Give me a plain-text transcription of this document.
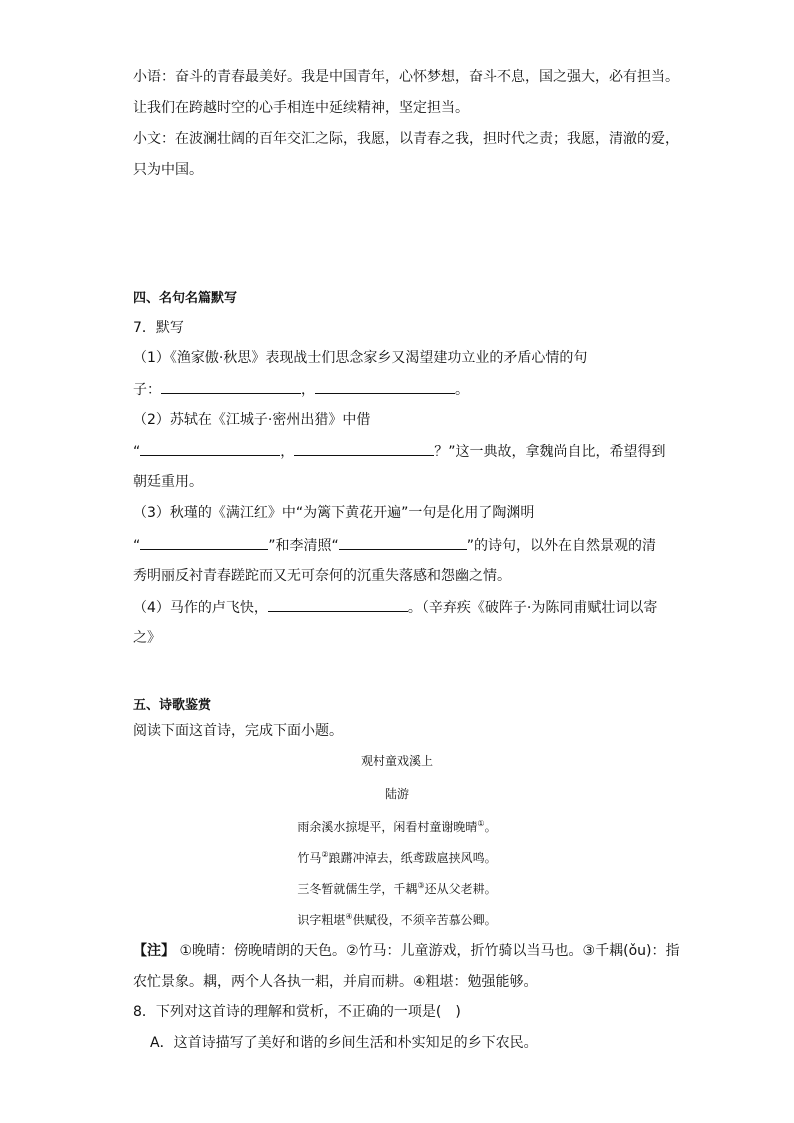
小语：奋斗的青春最美好。我是中国青年，心怀梦想，奋斗不息，国之强大，必有担当。
让我们在跨越时空的心手相连中延续精神，坚定担当。
小文：在波澜壮阔的百年交汇之际，我愿，以青春之我，担时代之责；我愿，清澈的爱，
只为中国。
四、名句名篇默写
7．默写
（1）《渔家傲·秋思》表现战士们思念家乡又渴望建功立业的矛盾心情的句
子：	，	。
（2）苏轼在《江城子·密州出猎》中借
“	，	？”这一典故，拿魏尚自比，希望得到
朝廷重用。
（3）秋瑾的《满江红》中“为篱下黄花开遍”一句是化用了陶渊明
“	”和李清照“	”的诗句，以外在自然景观的清
秀明丽反衬青春蹉跎而又无可奈何的沉重失落感和怨幽之情。
（4）马作的卢飞快，	。（辛弃疾《破阵子·为陈同甫赋壮词以寄
之》
五、诗歌鉴赏
阅读下面这首诗，完成下面小题。
观村童戏溪上
陆游
雨余溪水掠堤平，闲看村童谢晚晴①。
竹马②踉蹡冲淖去，纸鸢跋扈挟风鸣。
三冬暂就儒生学，千耦③还从父老耕。
识字粗堪④供赋役，不须辛苦慕公卿。
【注】 ①晚晴：傍晚晴朗的天色。②竹马：儿童游戏，折竹骑以当马也。③千耦(ǒu)：指
农忙景象。耦，两个人各执一耜，并肩而耕。④粗堪：勉强能够。
8．下列对这首诗的理解和赏析，不正确的一项是(　)
A．这首诗描写了美好和谐的乡间生活和朴实知足的乡下农民。
